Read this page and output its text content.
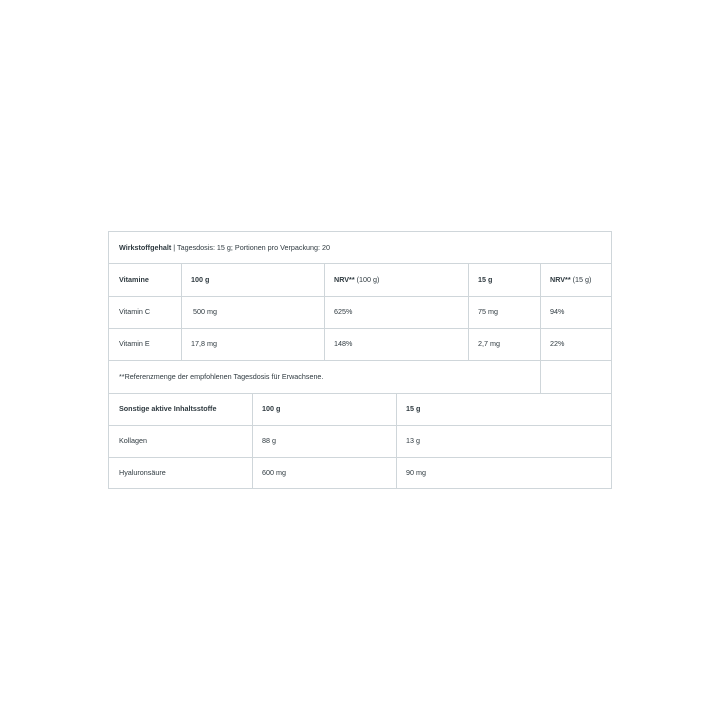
Wirkstoffgehalt | Tagesdosis: 15 g; Portionen pro Verpackung: 20
Vitamine	100 g	NRV** (100 g)	15 g	NRV** (15 g)
Vitamin C	500 mg	625%	75 mg	94%
Vitamin E	17,8 mg	148%	2,7 mg	22%
**Referenzmenge der empfohlenen Tagesdosis für Erwachsene.
Sonstige aktive Inhaltsstoffe	100 g	15 g
Kollagen	88 g	13 g
Hyaluronsäure	600 mg	90 mg
